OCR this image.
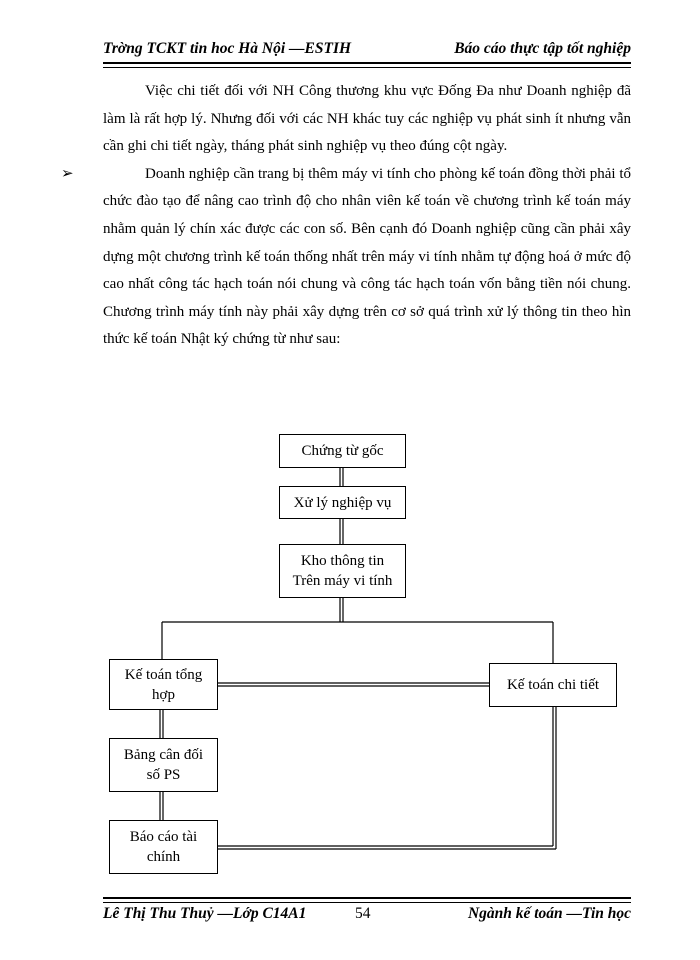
Trờng TCKT tin hoc Hà Nội —ESTIH	Báo cáo thực tập tốt nghiệp

Việc chi tiết đối với NH Công thương khu vực Đống Đa như Doanh nghiệp đã làm là rất hợp lý. Nhưng đối với các NH khác tuy các nghiệp vụ phát sinh ít nhưng vẫn cần ghi chi tiết ngày, tháng phát sinh nghiệp vụ theo đúng cột ngày.

➢	Doanh nghiệp cần trang bị thêm máy vi tính cho phòng kế toán đồng thời phải tổ chức đào tạo để nâng cao trình độ cho nhân viên kế toán về chương trình kế toán máy nhằm quản lý chín xác được các con số. Bên cạnh đó Doanh nghiệp cũng cần phải xây dựng một chương trình kế toán thống nhất trên máy vi tính nhằm tự động hoá ở mức độ cao nhất công tác hạch toán nói chung và công tác hạch toán vốn bằng tiền nói chung. Chương trình máy tính này phải xây dựng trên cơ sở quá trình xử lý thông tin theo hìn thức kế toán Nhật ký chứng từ như sau:

Chứng từ gốc
Xử lý nghiệp vụ
Kho thông tin
Trên máy vi tính
Kế toán tổng
hợp
Kế toán chi tiết
Bảng cân đối
số PS
Báo cáo tài
chính
Lê Thị Thu Thuỷ —Lớp C14A1	54	Ngành kế toán —Tin học
